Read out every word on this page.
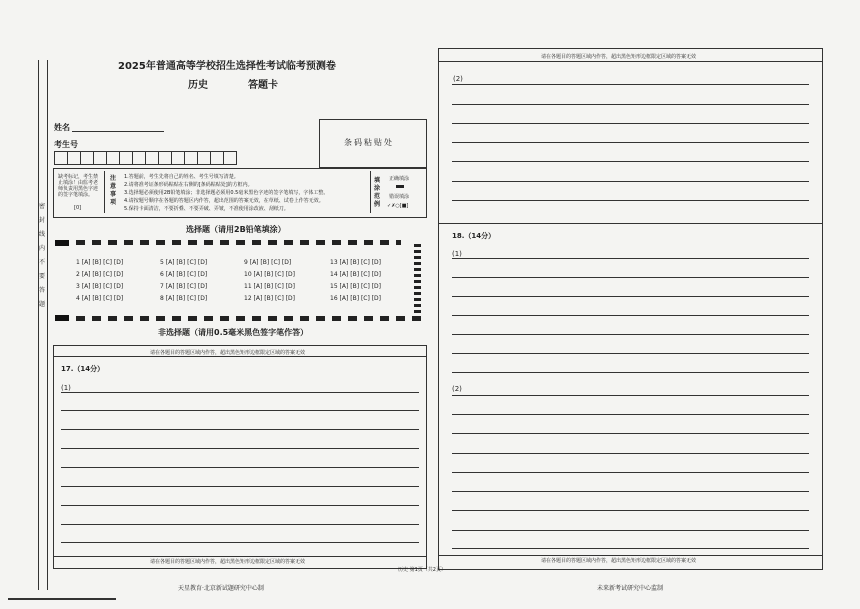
密
封
线
内
不
要
答
题
2025年普通高等学校招生选择性考试临考预测卷
历史	答题卡
姓名
考生号	条码粘贴处
缺考标记，考生禁止填涂！由监考老师负责用黑色字迹的签字笔填涂。
[0]
注意事项
1.答题前，考生先将自己的姓名、考生号填写清楚。
2.请将准考证条形码粘贴在右侧的[条码粘贴处]的方框内。
3.选择题必须使用2B铅笔填涂；非选择题必须用0.5毫米黑色字迹的签字笔填写，字体工整。
4.请按题号顺序在各题的答题区内作答，超出范围的答案无效，在草纸、试卷上作答无效。
5.保持卡面清洁，不要折叠、不要弄破、弄皱，不准使用涂改液、刮纸刀。
填涂范例
正确填涂
错误填涂
✓✗○[■]
选择题（请用2B铅笔填涂）
1 [A] [B] [C] [D]
2 [A] [B] [C] [D]
3 [A] [B] [C] [D]
4 [A] [B] [C] [D]
5 [A] [B] [C] [D]
6 [A] [B] [C] [D]
7 [A] [B] [C] [D]
8 [A] [B] [C] [D]
9 [A] [B] [C] [D]
10 [A] [B] [C] [D]
11 [A] [B] [C] [D]
12 [A] [B] [C] [D]
13 [A] [B] [C] [D]
14 [A] [B] [C] [D]
15 [A] [B] [C] [D]
16 [A] [B] [C] [D]
非选择题（请用0.5毫米黑色签字笔作答）
请在各题目的答题区域内作答，超出黑色矩形边框限定区域的答案无效
17.（14分）
(1)
请在各题目的答题区域内作答，超出黑色矩形边框限定区域的答案无效
天星教育·北京新试题研究中心制
历史 第1页（共2页）
请在各题目的答题区域内作答，超出黑色矩形边框限定区域的答案无效
(2)
18.（14分）
(1)
(2)
请在各题目的答题区域内作答，超出黑色矩形边框限定区域的答案无效
未来新考试研究中心监制
